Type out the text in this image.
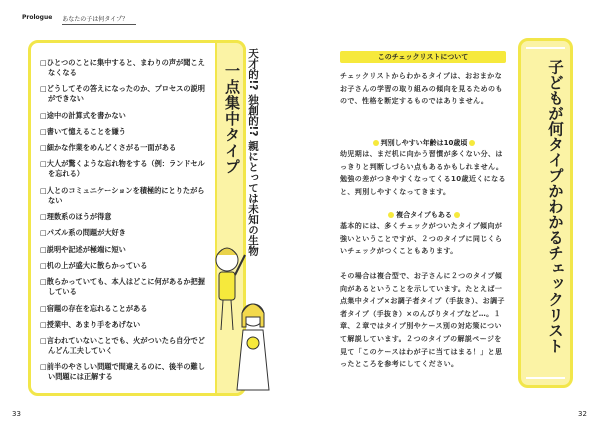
Prologue あなたの子は何タイプ？
一点集中タイプ
□ひとつのことに集中すると、まわりの声が聞こえなくなる
□どうしてその答えになったのか、プロセスの説明ができない
□途中の計算式を書かない
□書いて憶えることを嫌う
□細かな作業をめんどくさがる一面がある
□大人が驚くような忘れ物をする（例：ランドセルを忘れる）
□人とのコミュニケーションを積極的にとりたがらない
□理数系のほうが得意
□パズル系の問題が大好き
□説明や記述が極端に短い
□机の上が盛大に散らかっている
□散らかっていても、本人はどこに何があるか把握している
□宿題の存在を忘れることがある
□授業中、あまり手をあげない
□言われていないことでも、火がついたら自分でどんどん工夫していく
□前半のやさしい問題で間違えるのに、後半の難しい問題には正解する
天才的!? 独創的!? 親にとっては未知の生物	このチェックリストについて
チェックリストからわかるタイプは、おおまかなお子さんの学習の取り組みの傾向を見るためのもので、性格を断定するものではありません。
判別しやすい年齢は10歳頃
幼児期は、まだ机に向かう習慣が多くない分、はっきりと判断しづらい点もあるかもしれません。勉強の差がつきやすくなってくる10歳近くになると、判別しやすくなってきます。
複合タイプもある
基本的には、多くチェックがついたタイプ傾向が強いということですが、２つのタイプに同じくらいチェックがつくこともあります。
その場合は複合型で、お子さんに２つのタイプ傾向があるということを示しています。たとえば一点集中タイプ×お調子者タイプ（手抜き）、お調子者タイプ（手抜き）×のんびりタイプなど…。１章、２章ではタイプ別やケース別の対応策について解説しています。２つのタイプの解説ページを見て「このケースはわが子に当てはまる！」と思ったところを参考にしてください。
子どもが何タイプかわかるチェックリスト
33	32
